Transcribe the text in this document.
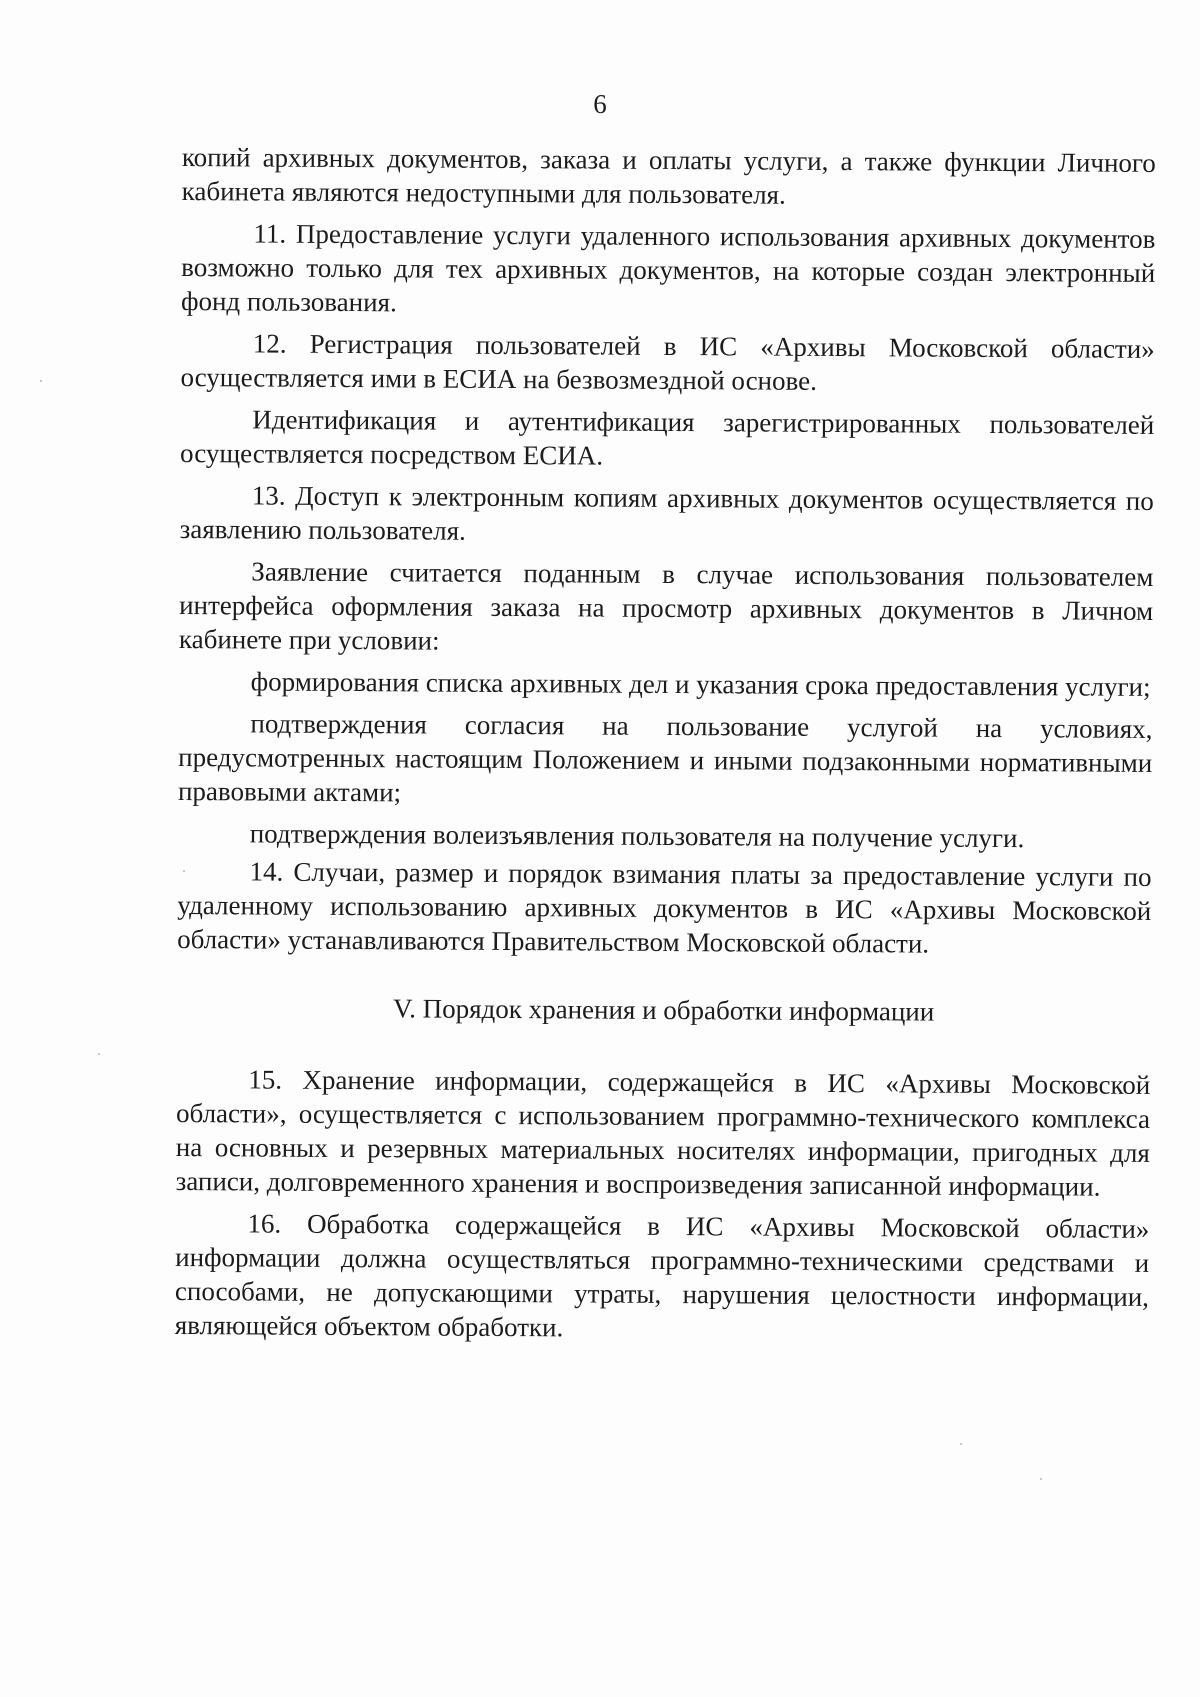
6

копий архивных документов, заказа и оплаты услуги, а также функции Личного кабинета являются недоступными для пользователя.

11. Предоставление услуги удаленного использования архивных документов возможно только для тех архивных документов, на которые создан электронный фонд пользования.

12. Регистрация пользователей в ИС «Архивы Московской области» осуществляется ими в ЕСИА на безвозмездной основе.

Идентификация и аутентификация зарегистрированных пользователей осуществляется посредством ЕСИА.

13. Доступ к электронным копиям архивных документов осуществляется по заявлению пользователя.

Заявление считается поданным в случае использования пользователем интерфейса оформления заказа на просмотр архивных документов в Личном кабинете при условии:

формирования списка архивных дел и указания срока предоставления услуги;

подтверждения согласия на пользование услугой на условиях, предусмотренных настоящим Положением и иными подзаконными нормативными правовыми актами;

подтверждения волеизъявления пользователя на получение услуги.

14. Случаи, размер и порядок взимания платы за предоставление услуги по удаленному использованию архивных документов в ИС «Архивы Московской области» устанавливаются Правительством Московской области.

V. Порядок хранения и обработки информации

15. Хранение информации, содержащейся в ИС «Архивы Московской области», осуществляется с использованием программно-технического комплекса на основных и резервных материальных носителях информации, пригодных для записи, долговременного хранения и воспроизведения записанной информации.

16. Обработка содержащейся в ИС «Архивы Московской области» информации должна осуществляться программно-техническими средствами и способами, не допускающими утраты, нарушения целостности информации, являющейся объектом обработки.
